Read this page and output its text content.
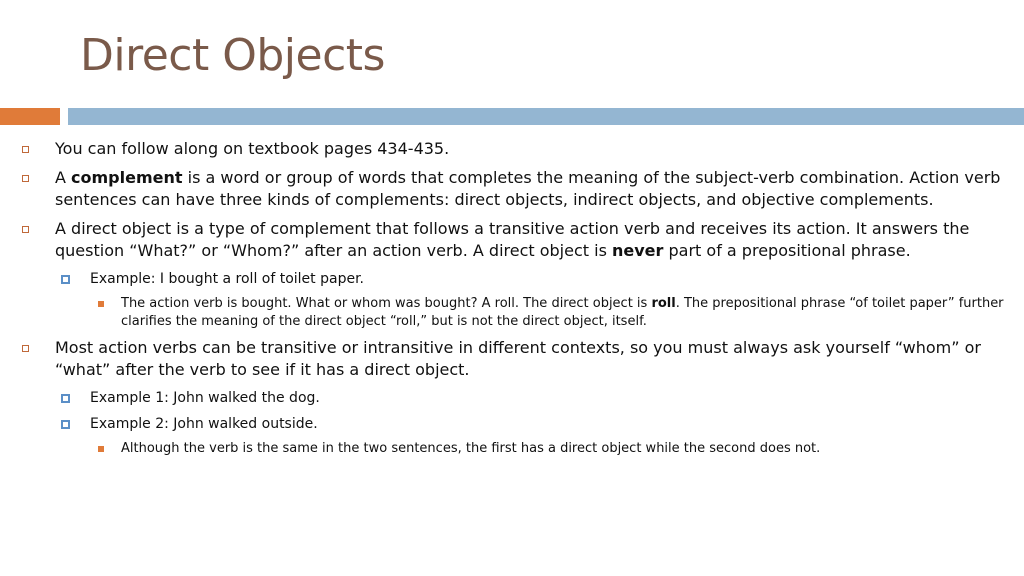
Direct Objects
You can follow along on textbook pages 434-435.
A complement is a word or group of words that completes the meaning of the subject-verb combination. Action verb sentences can have three kinds of complements: direct objects, indirect objects, and objective complements.
A direct object is a type of complement that follows a transitive action verb and receives its action. It answers the question “What?” or “Whom?” after an action verb. A direct object is never part of a prepositional phrase.
Example: I bought a roll of toilet paper.
The action verb is bought. What or whom was bought? A roll. The direct object is roll. The prepositional phrase “of toilet paper” further clarifies the meaning of the direct object “roll,” but is not the direct object, itself.
Most action verbs can be transitive or intransitive in different contexts, so you must always ask yourself “whom” or “what” after the verb to see if it has a direct object.
Example 1: John walked the dog.
Example 2: John walked outside.
Although the verb is the same in the two sentences, the first has a direct object while the second does not.
